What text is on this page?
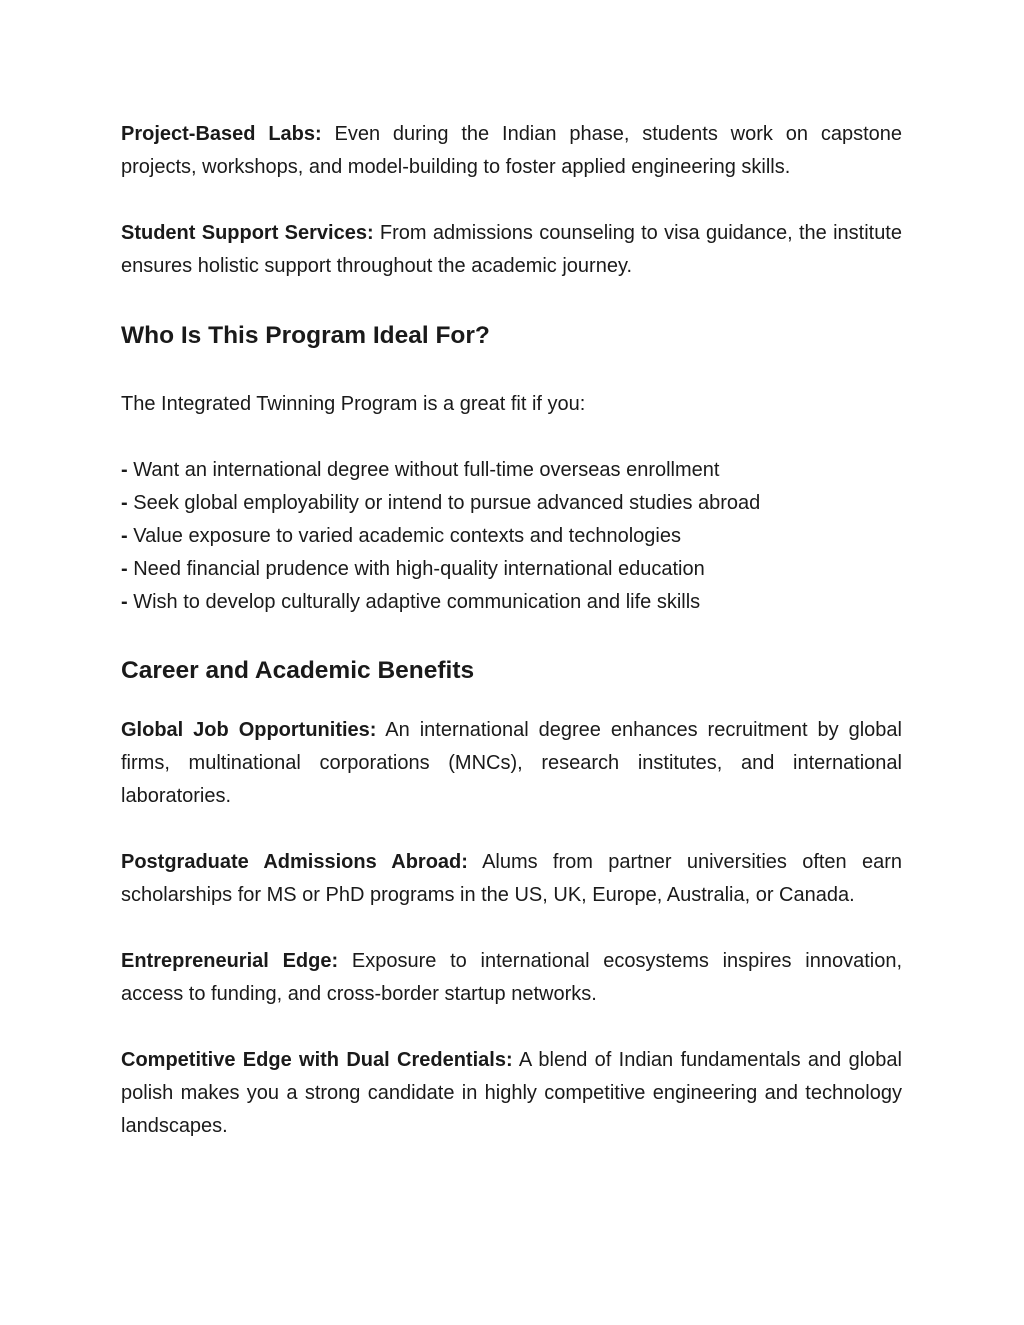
Project-Based Labs: Even during the Indian phase, students work on capstone projects, workshops, and model-building to foster applied engineering skills.

Student Support Services: From admissions counseling to visa guidance, the institute ensures holistic support throughout the academic journey.

Who Is This Program Ideal For?

The Integrated Twinning Program is a great fit if you:

- Want an international degree without full-time overseas enrollment
- Seek global employability or intend to pursue advanced studies abroad
- Value exposure to varied academic contexts and technologies
- Need financial prudence with high-quality international education
- Wish to develop culturally adaptive communication and life skills
Career and Academic Benefits

Global Job Opportunities: An international degree enhances recruitment by global firms, multinational corporations (MNCs), research institutes, and international laboratories.

Postgraduate Admissions Abroad: Alums from partner universities often earn scholarships for MS or PhD programs in the US, UK, Europe, Australia, or Canada.

Entrepreneurial Edge: Exposure to international ecosystems inspires innovation, access to funding, and cross-border startup networks.

Competitive Edge with Dual Credentials: A blend of Indian fundamentals and global polish makes you a strong candidate in highly competitive engineering and technology landscapes.
